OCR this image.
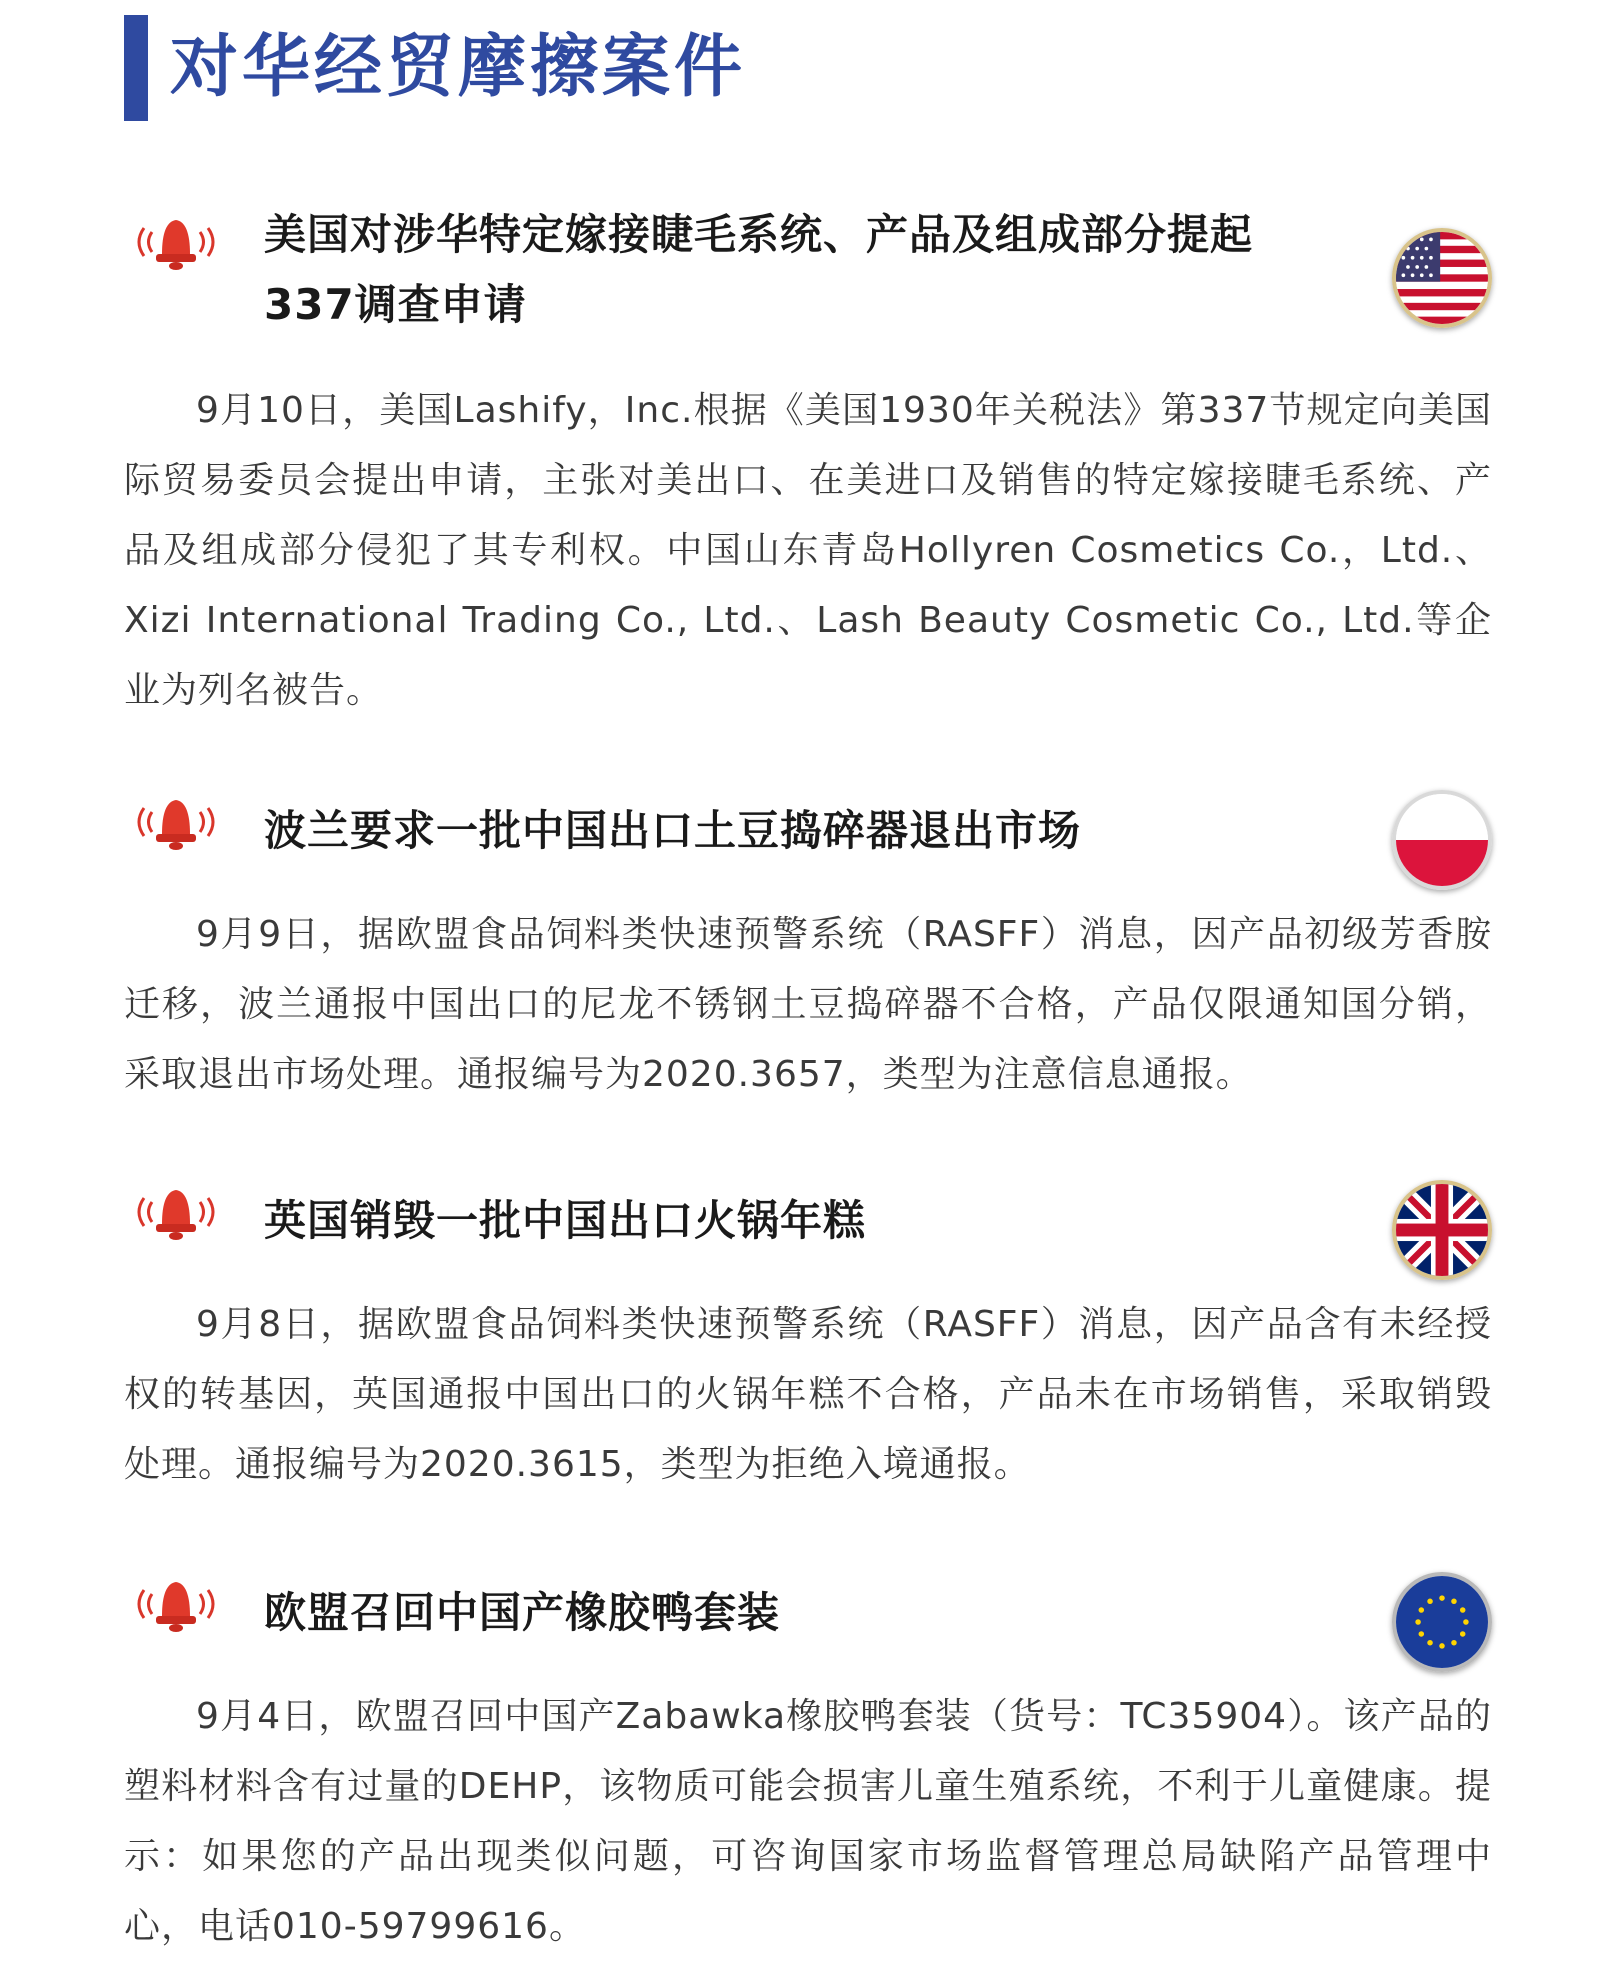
对华经贸摩擦案件
美国对涉华特定嫁接睫毛系统、产品及组成部分提起337调查申请

9月10日，美国Lashify，Inc.根据《美国1930年关税法》第337节规定向美国际贸易委员会提出申请，主张对美出口、在美进口及销售的特定嫁接睫毛系统、产品及组成部分侵犯了其专利权。中国山东青岛Hollyren Cosmetics Co.，Ltd.、Xizi International Trading Co., Ltd.、Lash Beauty Cosmetic Co., Ltd.等企业为列名被告。

波兰要求一批中国出口土豆捣碎器退出市场

9月9日，据欧盟食品饲料类快速预警系统（RASFF）消息，因产品初级芳香胺迁移，波兰通报中国出口的尼龙不锈钢土豆捣碎器不合格，产品仅限通知国分销，采取退出市场处理。通报编号为2020.3657，类型为注意信息通报。

英国销毁一批中国出口火锅年糕

9月8日，据欧盟食品饲料类快速预警系统（RASFF）消息，因产品含有未经授权的转基因，英国通报中国出口的火锅年糕不合格，产品未在市场销售，采取销毁处理。通报编号为2020.3615，类型为拒绝入境通报。

欧盟召回中国产橡胶鸭套装

9月4日，欧盟召回中国产Zabawka橡胶鸭套装（货号：TC35904）。该产品的塑料材料含有过量的DEHP，该物质可能会损害儿童生殖系统，不利于儿童健康。提示：如果您的产品出现类似问题，可咨询国家市场监督管理总局缺陷产品管理中心，电话010-59799616。
